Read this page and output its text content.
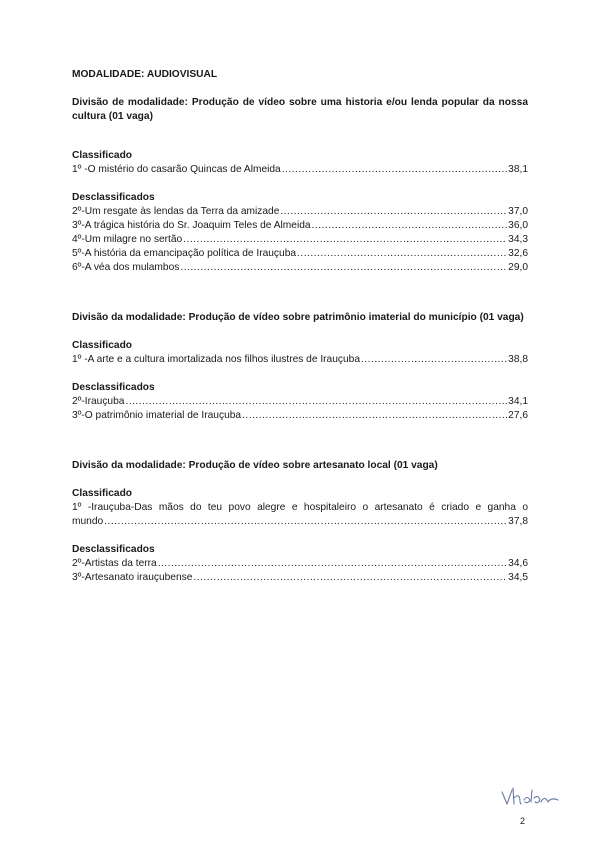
MODALIDADE: AUDIOVISUAL

Divisão de modalidade: Produção de vídeo sobre uma historia e/ou lenda popular da nossa cultura (01 vaga)

Classificado

1º -O mistério do casarão Quincas de Almeida .....	38,1

Desclassificados

2º-Um resgate às lendas da Terra da amizade .....	37,0
3º-A trágica história do Sr. Joaquim Teles de Almeida .....	36,0
4º-Um milagre no sertão .....	34,3
5º-A história da emancipação política de Irauçuba .....	32,6
6º-A véa dos mulambos .....	29,0

Divisão da modalidade: Produção de vídeo sobre patrimônio imaterial do município (01 vaga)

Classificado

1º -A arte e a cultura imortalizada nos filhos ilustres de Irauçuba .....	38,8

Desclassificados

2º-Irauçuba .....	34,1
3º-O patrimônio imaterial de Irauçuba .....	27,6

Divisão da modalidade: Produção de vídeo sobre artesanato local (01 vaga)

Classificado

1º -Irauçuba-Das mãos do teu povo alegre e hospitaleiro o artesanato é criado e ganha o

mundo .....	37,8

Desclassificados

2º-Artistas da terra .....	34,6
3º-Artesanato irauçubense .....	34,5
2
